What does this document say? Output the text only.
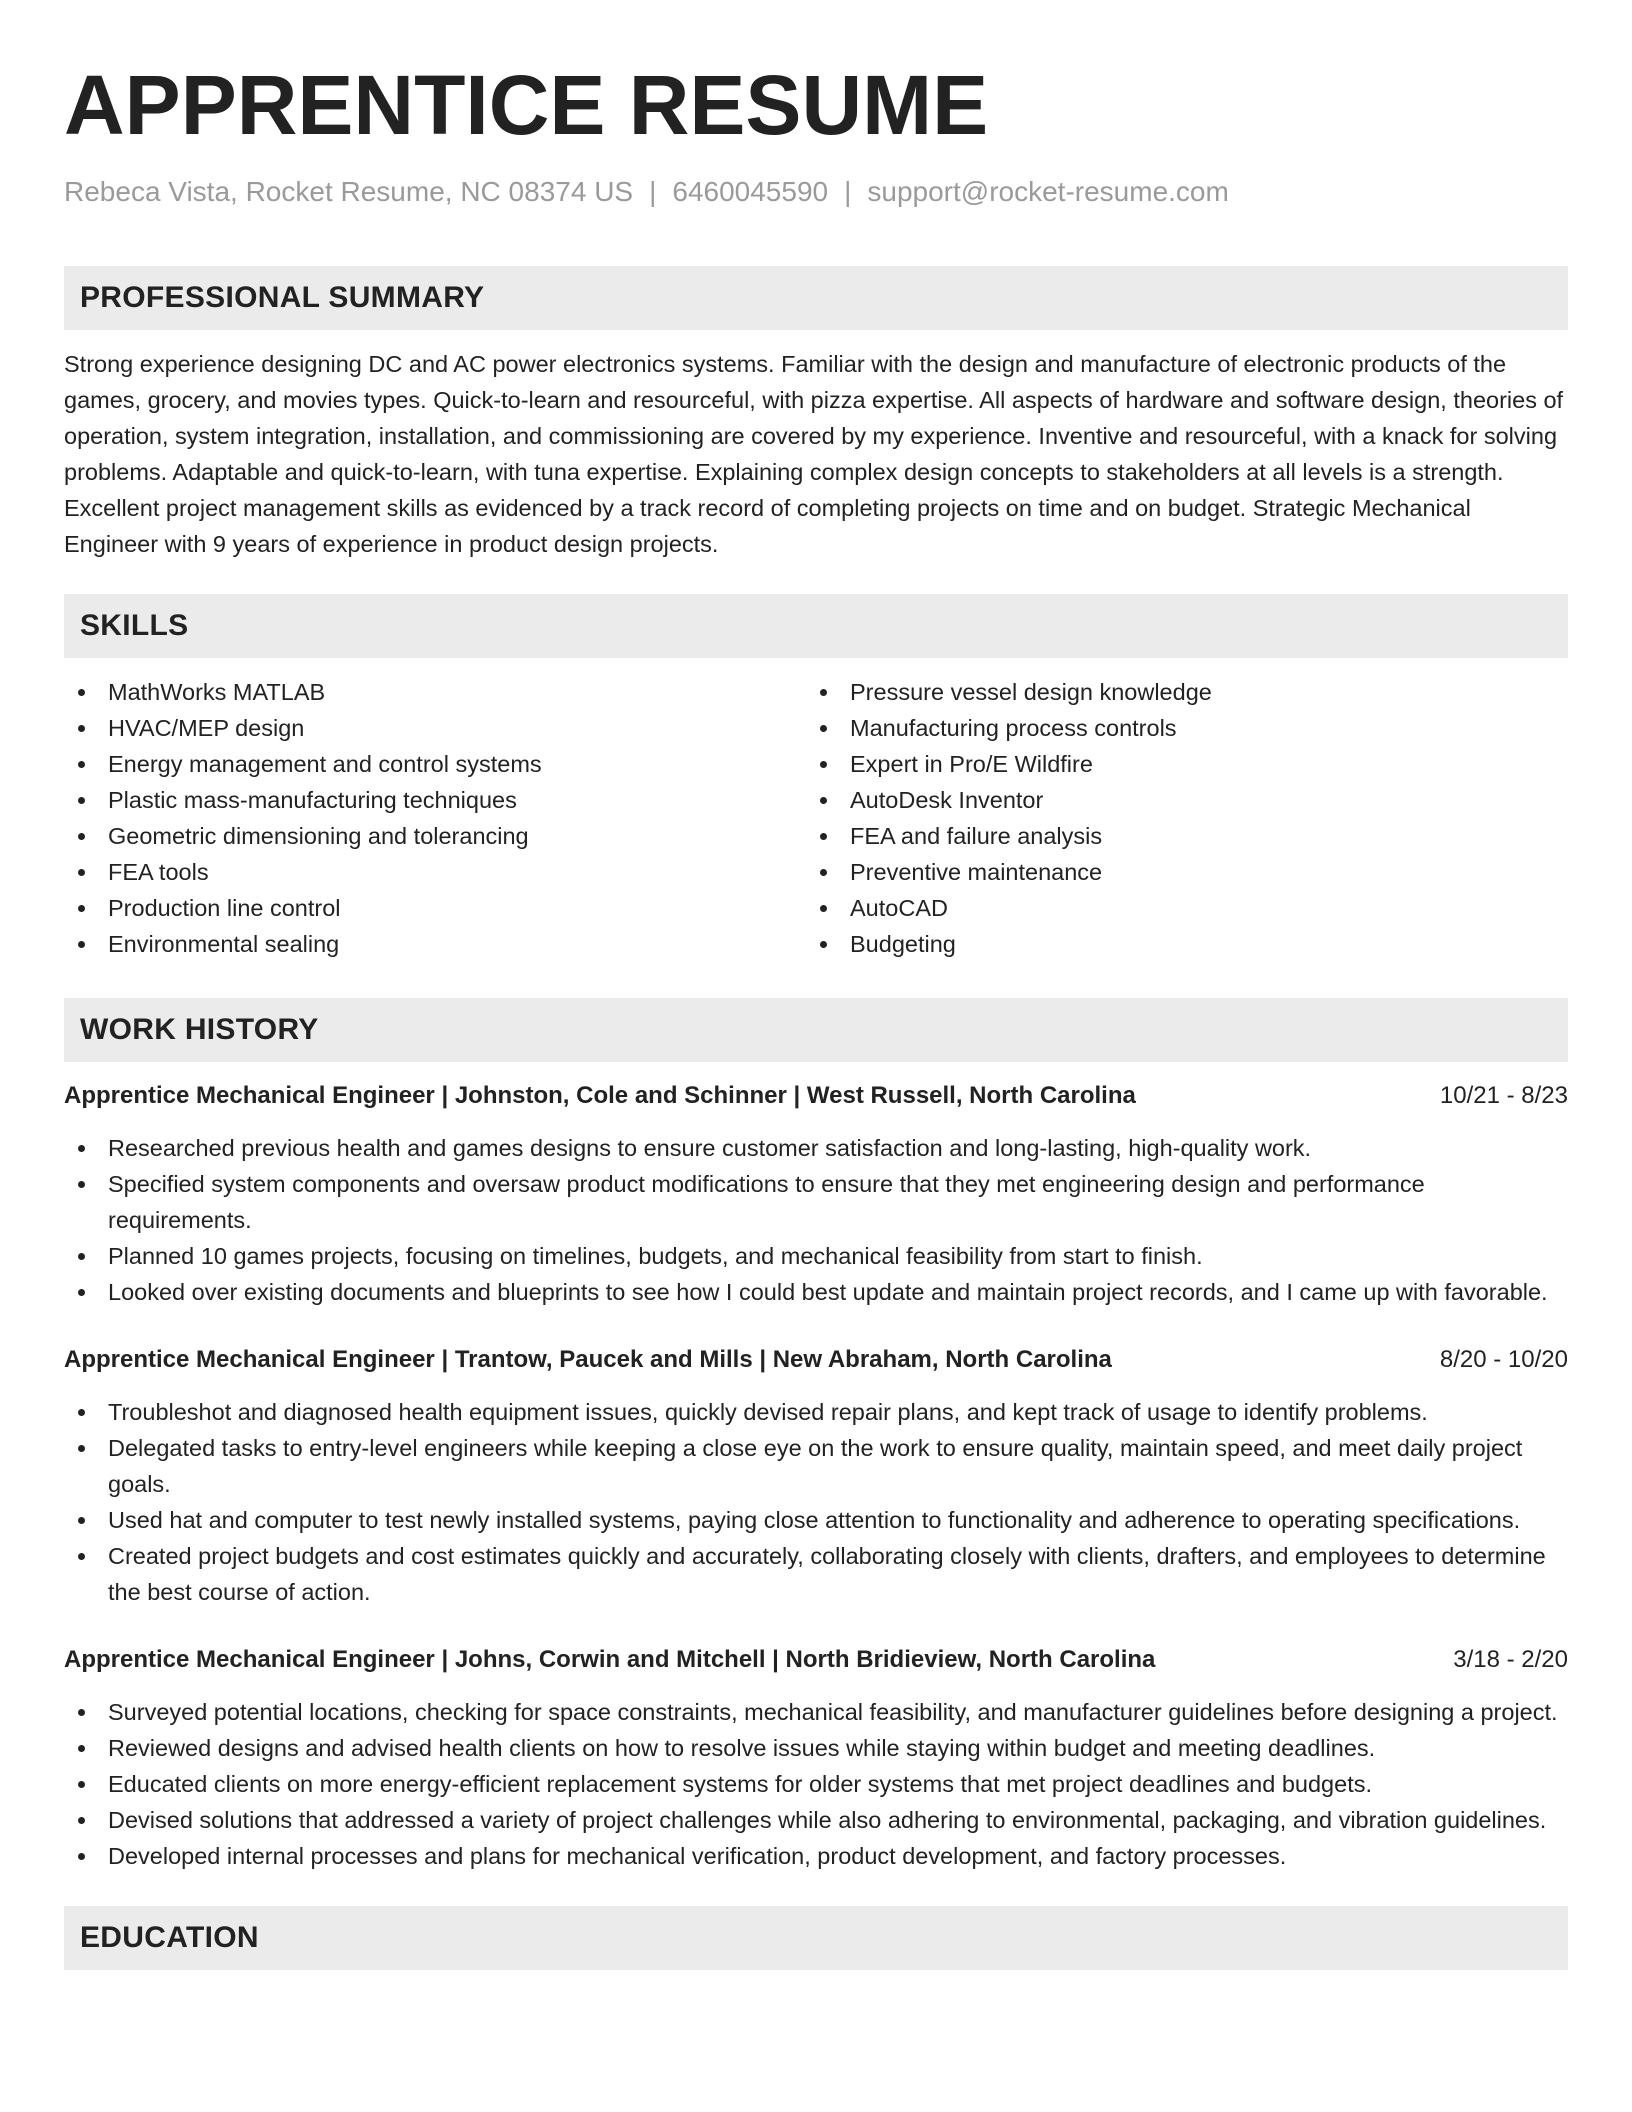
APPRENTICE RESUME
Rebeca Vista, Rocket Resume, NC 08374 US | 6460045590 | support@rocket-resume.com
PROFESSIONAL SUMMARY
Strong experience designing DC and AC power electronics systems. Familiar with the design and manufacture of electronic products of the games, grocery, and movies types. Quick-to-learn and resourceful, with pizza expertise. All aspects of hardware and software design, theories of operation, system integration, installation, and commissioning are covered by my experience. Inventive and resourceful, with a knack for solving problems. Adaptable and quick-to-learn, with tuna expertise. Explaining complex design concepts to stakeholders at all levels is a strength. Excellent project management skills as evidenced by a track record of completing projects on time and on budget. Strategic Mechanical Engineer with 9 years of experience in product design projects.
SKILLS
MathWorks MATLAB
HVAC/MEP design
Energy management and control systems
Plastic mass-manufacturing techniques
Geometric dimensioning and tolerancing
FEA tools
Production line control
Environmental sealing
Pressure vessel design knowledge
Manufacturing process controls
Expert in Pro/E Wildfire
AutoDesk Inventor
FEA and failure analysis
Preventive maintenance
AutoCAD
Budgeting
WORK HISTORY
Apprentice Mechanical Engineer | Johnston, Cole and Schinner | West Russell, North Carolina	10/21 - 8/23
Researched previous health and games designs to ensure customer satisfaction and long-lasting, high-quality work.
Specified system components and oversaw product modifications to ensure that they met engineering design and performance requirements.
Planned 10 games projects, focusing on timelines, budgets, and mechanical feasibility from start to finish.
Looked over existing documents and blueprints to see how I could best update and maintain project records, and I came up with favorable.
Apprentice Mechanical Engineer | Trantow, Paucek and Mills | New Abraham, North Carolina	8/20 - 10/20
Troubleshot and diagnosed health equipment issues, quickly devised repair plans, and kept track of usage to identify problems.
Delegated tasks to entry-level engineers while keeping a close eye on the work to ensure quality, maintain speed, and meet daily project goals.
Used hat and computer to test newly installed systems, paying close attention to functionality and adherence to operating specifications.
Created project budgets and cost estimates quickly and accurately, collaborating closely with clients, drafters, and employees to determine the best course of action.
Apprentice Mechanical Engineer | Johns, Corwin and Mitchell | North Bridieview, North Carolina	3/18 - 2/20
Surveyed potential locations, checking for space constraints, mechanical feasibility, and manufacturer guidelines before designing a project.
Reviewed designs and advised health clients on how to resolve issues while staying within budget and meeting deadlines.
Educated clients on more energy-efficient replacement systems for older systems that met project deadlines and budgets.
Devised solutions that addressed a variety of project challenges while also adhering to environmental, packaging, and vibration guidelines.
Developed internal processes and plans for mechanical verification, product development, and factory processes.
EDUCATION
